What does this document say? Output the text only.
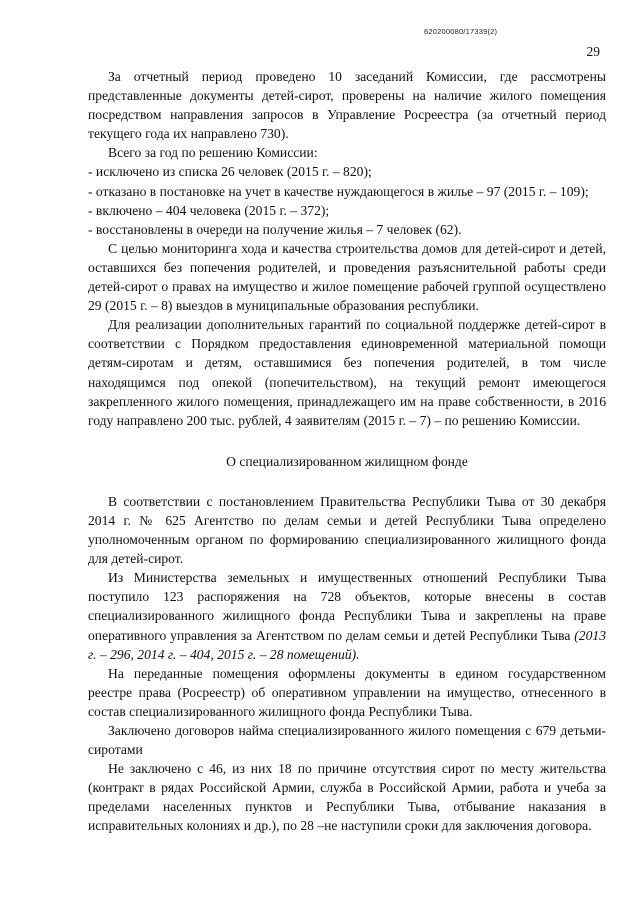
620200080/17339(2)
29

За отчетный период проведено 10 заседаний Комиссии, где рассмотрены представленные документы детей-сирот, проверены на наличие жилого помещения посредством направления запросов в Управление Росреестра (за отчетный период текущего года их направлено 730).

Всего за год по решению Комиссии:

- исключено из списка 26 человек (2015 г. – 820);

- отказано в постановке на учет в качестве нуждающегося в жилье – 97 (2015 г. – 109);

- включено – 404 человека (2015 г. – 372);

- восстановлены в очереди на получение жилья – 7 человек (62).

С целью мониторинга хода и качества строительства домов для детей-сирот и детей, оставшихся без попечения родителей, и проведения разъяснительной работы среди детей-сирот о правах на имущество и жилое помещение рабочей группой осуществлено 29 (2015 г. – 8) выездов в муниципальные образования республики.

Для реализации дополнительных гарантий по социальной поддержке детей-сирот в соответствии с Порядком предоставления единовременной материальной помощи детям-сиротам и детям, оставшимися без попечения родителей, в том числе находящимся под опекой (попечительством), на текущий ремонт имеющегося закрепленного жилого помещения, принадлежащего им на праве собственности, в 2016 году направлено 200 тыс. рублей, 4 заявителям (2015 г. – 7) – по решению Комиссии.

О специализированном жилищном фонде

В соответствии с постановлением Правительства Республики Тыва от 30 декабря 2014 г. № 625 Агентство по делам семьи и детей Республики Тыва определено уполномоченным органом по формированию специализированного жилищного фонда для детей-сирот.

Из Министерства земельных и имущественных отношений Республики Тыва поступило 123 распоряжения на 728 объектов, которые внесены в состав специализированного жилищного фонда Республики Тыва и закреплены на праве оперативного управления за Агентством по делам семьи и детей Республики Тыва (2013 г. – 296, 2014 г. – 404, 2015 г. – 28 помещений).

На переданные помещения оформлены документы в едином государственном реестре права (Росреестр) об оперативном управлении на имущество, отнесенного в состав специализированного жилищного фонда Республики Тыва.

Заключено договоров найма специализированного жилого помещения с 679 детьми-сиротами

Не заключено с 46, из них 18 по причине отсутствия сирот по месту жительства (контракт в рядах Российской Армии, служба в Российской Армии, работа и учеба за пределами населенных пунктов и Республики Тыва, отбывание наказания в исправительных колониях и др.), по 28 –не наступили сроки для заключения договора.
